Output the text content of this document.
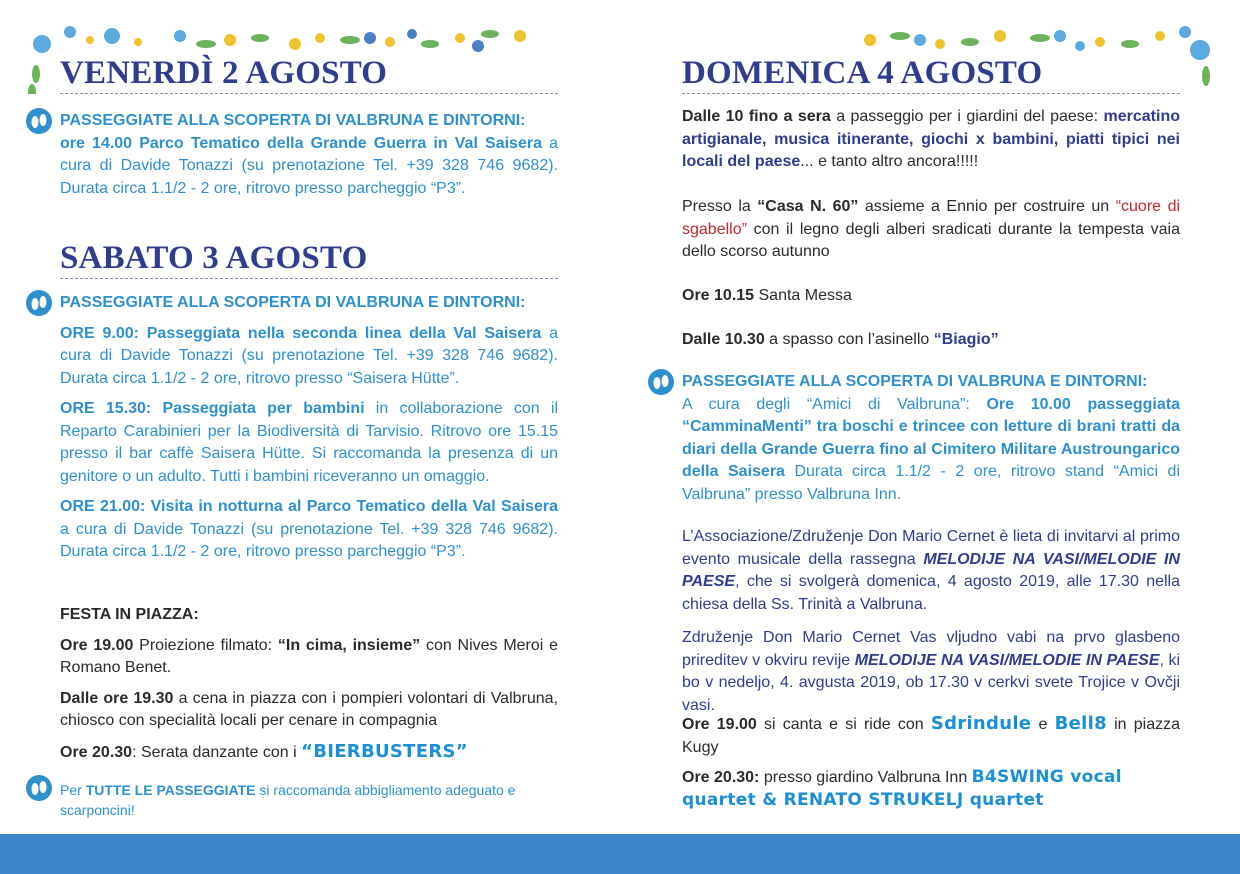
VENERDÌ 2 AGOSTO

PASSEGGIATE ALLA SCOPERTA DI VALBRUNA E DINTORNI:

ore 14.00 Parco Tematico della Grande Guerra in Val Saisera a cura di Davide Tonazzi (su prenotazione Tel. +39 328 746 9682). Durata circa 1.1/2 - 2 ore, ritrovo presso parcheggio “P3”.

SABATO 3 AGOSTO

PASSEGGIATE ALLA SCOPERTA DI VALBRUNA E DINTORNI:

ORE 9.00: Passeggiata nella seconda linea della Val Saisera a cura di Davide Tonazzi (su prenotazione Tel. +39 328 746 9682). Durata circa 1.1/2 - 2 ore, ritrovo presso “Saisera Hütte”.

ORE 15.30: Passeggiata per bambini in collaborazione con il Reparto Carabinieri per la Biodiversità di Tarvisio. Ritrovo ore 15.15 presso il bar caffè Saisera Hütte. Si raccomanda la presenza di un genitore o un adulto. Tutti i bambini riceveranno un omaggio.

ORE 21.00: Visita in notturna al Parco Tematico della Val Saisera a cura di Davide Tonazzi (su prenotazione Tel. +39 328 746 9682). Durata circa 1.1/2 - 2 ore, ritrovo presso parcheggio “P3”.

FESTA IN PIAZZA:

Ore 19.00 Proiezione filmato: “In cima, insieme” con Nives Meroi e Romano Benet.

Dalle ore 19.30 a cena in piazza con i pompieri volontari di Valbruna, chiosco con specialità locali per cenare in compagnia

Ore 20.30: Serata danzante con i “BIERBUSTERS”

Per TUTTE LE PASSEGGIATE si raccomanda abbigliamento adeguato e scarponcini!

DOMENICA 4 AGOSTO

Dalle 10 fino a sera a passeggio per i giardini del paese: mercatino artigianale, musica itinerante, giochi x bambini, piatti tipici nei locali del paese... e tanto altro ancora!!!!!

Presso la “Casa N. 60” assieme a Ennio per costruire un “cuore di sgabello” con il legno degli alberi sradicati durante la tempesta vaia dello scorso autunno

Ore 10.15 Santa Messa

Dalle 10.30 a spasso con l’asinello “Biagio”

PASSEGGIATE ALLA SCOPERTA DI VALBRUNA E DINTORNI:

A cura degli “Amici di Valbruna”: Ore 10.00 passeggiata “CamminaMenti” tra boschi e trincee con letture di brani tratti da diari della Grande Guerra fino al Cimitero Militare Austroungarico della Saisera Durata circa 1.1/2 - 2 ore, ritrovo stand “Amici di Valbruna” presso Valbruna Inn.

L’Associazione/Združenje Don Mario Cernet è lieta di invitarvi al primo evento musicale della rassegna MELODIJE NA VASI/MELODIE IN PAESE, che si svolgerà domenica, 4 agosto 2019, alle 17.30 nella chiesa della Ss. Trinità a Valbruna.

Združenje Don Mario Cernet Vas vljudno vabi na prvo glasbeno prireditev v okviru revije MELODIJE NA VASI/MELODIE IN PAESE, ki bo v nedeljo, 4. avgusta 2019, ob 17.30 v cerkvi svete Trojice v Ovčji vasi.

Ore 19.00 si canta e si ride con Sdrindule e Bell8 in piazza Kugy

Ore 20.30: presso giardino Valbruna Inn B4SWING vocal quartet & RENATO STRUKELJ quartet
